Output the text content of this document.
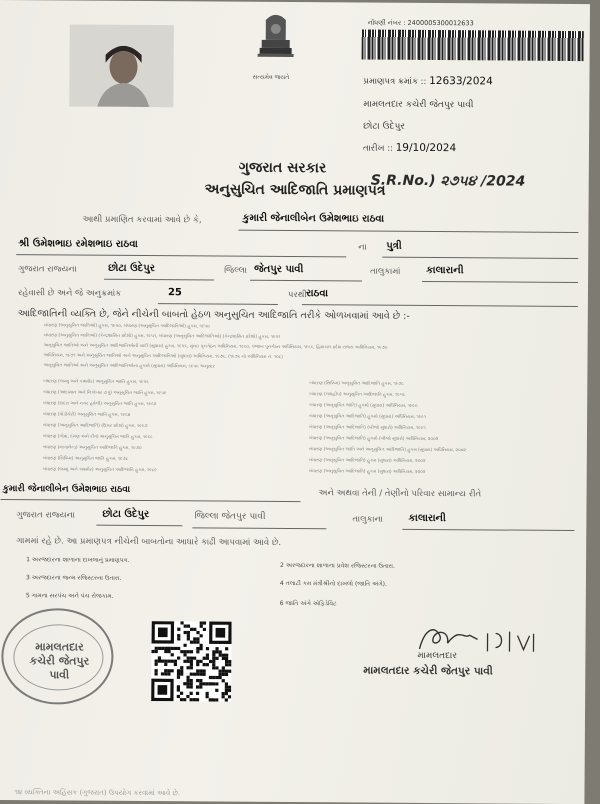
સત્યમેવ જયતે
નોંધણી નંબર : 2400005300012633
પ્રમાણપત્ર ક્રમાંક :: 12633/2024
મામલતદાર કચેરી જેતપુર પાવી
છોટા ઉદેપુર
તારીખ :: 19/10/2024
ગુજરાત સરકાર
અનુસુચિત આદિજાતિ પ્રમાણપત્ર
S.R.No.) ૨૭૫૪ /2024
આથી પ્રમાણિત કરવામાં આવે છે કે,	કુમારી જેનાલીબેન ઉમેશભાઇ રાઠવા
શ્રી ઉમેશભાઇ રમેશભાઇ રાઠવા	ના પુત્રી
ગુજરાત રાજ્યના	છોટા ઉદેપુર	જિલ્લા જેતપુર પાવી	તાલુકામાં	કાલારાની
રહેવાસી છે અને જે અનુક્રમાંક	25	પરથી રાઠવા
આદિજાતિની વ્યક્તિ છે, જેને નીચેની બાબતો હેઠળ અનુસુચિત આદિજાતિ તરીકે ઓળખવામાં આવે છે :-
બંધારણ (અનુસુચિત જાતિઓ) હુકમ, ૧૯૫૦, બંધારણ (અનુસુચિત આદિજાતિઓ) હુકમ, ૧૯૫૦
બંધારણ (અનુસુચિત જાતિઓ) (કેન્દ્રશાસિત પ્રદેશો) હુકમ, ૧૯૫૧, બંધારણ (અનુસુચિત આદિજાતિઓ) (કેન્દ્રશાસિત પ્રદેશો) હુકમ, ૧૯૫૧
અનુસુચિત જાતિઓ અને અનુસુચિત આદિજાતિઓની યાદી (સુધારા) હુકમ, ૧૯૫૬, મુંબઇ પુનર્ગઠન અધિનિયમ, ૧૯૬૦, પંજાબ પુનર્ગઠન અધિનિયમ, ૧૯૬૬, હિમાચલ પ્રદેશ રાજ્ય અધિનિયમ, ૧૯૭૦
અધિનિયમ, ૧૯૭૧ અને અનુસુચિત જાતિઓ અને અનુસુચિત આદિજાતિઓ (સુધારા) અધિનિયમ, ૧૯૭૬, (૧૯૭૬ નો અધિનિયમ નં. ૧૦૮)
અનુસુચિત જાતિઓ અને અનુસુચિત આદિજાતિઓના હુકમો (સુધારા) અધિનિયમ, ૧૯૫૬ અનુસાર
બંધારણ (જમ્મુ અને કાશ્મીર) અનુસુચિત જાતિ હુકમ, ૧૯૫૬
બંધારણ (આંદામાન અને નિકોબાર ટાપુ) અનુસુચિત જાતિ હુકમ, ૧૯૫૯
બંધારણ (દાદરા અને નગર હવેલી) અનુસુચિત જાતિ હુકમ, ૧૯૬૨
બંધારણ (પોંડીચેરી) અનુસુચિત જાતિ હુકમ, ૧૯૬૪
બંધારણ (અનુસુચિત આદિજાતિ) (ઉત્તર પ્રદેશ) હુકમ, ૧૯૬૭
બંધારણ (ગોવા, દમણ અને દીવ) અનુસુચિત જાતિ હુકમ, ૧૯૬૮
બંધારણ (નાગાલેન્ડ) અનુસુચિત આદિજાતિ હુકમ, ૧૯૭૦
બંધારણ (સિક્કિમ) અનુસુચિત જાતિ હુકમ, ૧૯૭૮
બંધારણ (જમ્મુ અને કાશ્મીર) અનુસુચિત આદિજાતિ હુકમ, ૧૯૮૯
બંધારણ (સિક્કિમ) અનુસુચિત આદિજાતિ હુકમ, ૧૯૭૮
બંધારણ (લક્ષદ્વીપ) અનુસુચિત આદિજાતિ હુકમ, ૧૯૫૬
બંધારણ (અનુસુચિત જાતિ) હુકમો (સુધારા) અધિનિયમ, ૧૯૯૦
બંધારણ (અનુસુચિત આદિજાતિ) હુકમો (સુધારા) અધિનિયમ, ૧૯૯૧
બંધારણ (અનુસુચિત આદિજાતિ) (બીજો સુધારો) અધિનિયમ, ૧૯૯૧
બંધારણ (અનુસુચિત આદિજાતિ) હુકમો (બીજો સુધારો) અધિનિયમ, ૨૦૦૨
બંધારણ (અનુસુચિત જાતિ અને અનુસુચિત આદિજાતિ) હુકમ (સુધારા) અધિનિયમ, ૨૦૦૨
બંધારણ (અનુસુચિત આદિજાતિ) હુકમ (સુધારા) અધિનિયમ, ૨૦૦૨
બંધારણ (અનુસુચિત આદિજાતિ) હુકમ (સુધારા) અધિનિયમ, ૨૦૦૨
કુમારી જેનાલીબેન ઉમેશભાઇ રાઠવા	અને અથવા તેની / તેણીનો પરિવાર સામાન્ય રીતે
ગુજરાત રાજ્યના	છોટા ઉદેપુર	જિલ્લા જેતપુર પાવી	તાલુકાના	કાલારાની
ગામમાં રહે છે. આ પ્રમાણપત્ર નીચેની બાબતોના આધારે કાઢી આપવામાં આવે છે.
1 અરજદારના શાળાના દાખલાનું પ્રમાણપત્ર.
2 અરજદારના શાળાના પ્રવેશ રજિસ્ટરના ઉતારા.
3 અરજદારના જન્મ રજિસ્ટરના ઉતારા.
4 તલાટી કમ મંત્રીશ્રીનો દાખલો (જાતિ અંગે).
5 ગામના સરપંચ અને પંચ રોજકામ.
6 જાતિ અંગે એફિડેવિટ
મામલતદાર કચેરી જેતપુર પાવી
મામલતદાર
મામલતદાર કચેરી જેતપુર પાવી
૧૪ વ્યક્તિના અહિંસક (ગુજરાત) ઉપયોગ કરવામાં આવે છે.
